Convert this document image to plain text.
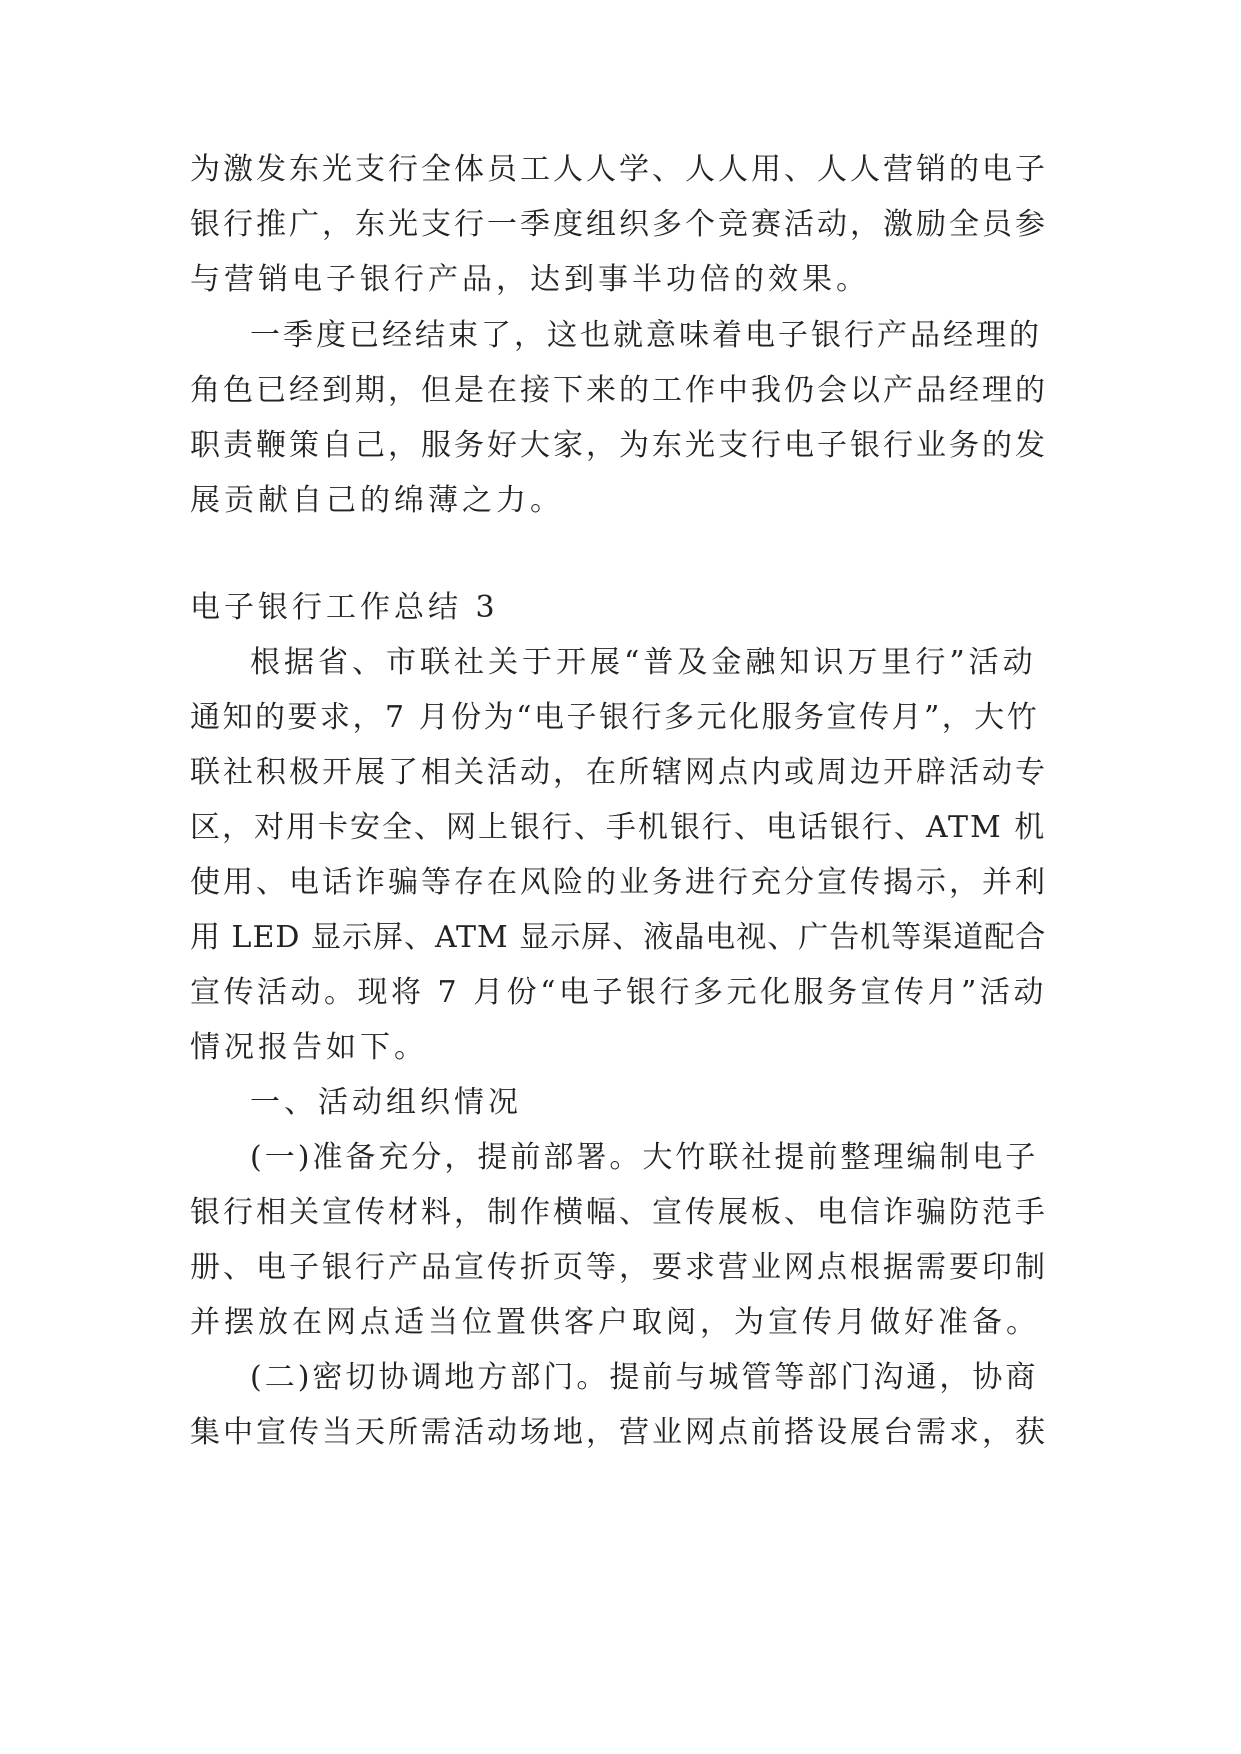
为激发东光支行全体员工人人学、人人用、人人营销的电子
银行推广，东光支行一季度组织多个竞赛活动，激励全员参
与营销电子银行产品，达到事半功倍的效果。
一季度已经结束了，这也就意味着电子银行产品经理的
角色已经到期，但是在接下来的工作中我仍会以产品经理的
职责鞭策自己，服务好大家，为东光支行电子银行业务的发
展贡献自己的绵薄之力。
电子银行工作总结 3
根据省、市联社关于开展“普及金融知识万里行”活动
通知的要求，7 月份为“电子银行多元化服务宣传月”，大竹
联社积极开展了相关活动，在所辖网点内或周边开辟活动专
区，对用卡安全、网上银行、手机银行、电话银行、ATM 机
使用、电话诈骗等存在风险的业务进行充分宣传揭示，并利
用 LED 显示屏、ATM 显示屏、液晶电视、广告机等渠道配合
宣传活动。现将 7 月份“电子银行多元化服务宣传月”活动
情况报告如下。
一、活动组织情况
(一)准备充分，提前部署。大竹联社提前整理编制电子
银行相关宣传材料，制作横幅、宣传展板、电信诈骗防范手
册、电子银行产品宣传折页等，要求营业网点根据需要印制
并摆放在网点适当位置供客户取阅，为宣传月做好准备。
(二)密切协调地方部门。提前与城管等部门沟通，协商
集中宣传当天所需活动场地，营业网点前搭设展台需求，获
